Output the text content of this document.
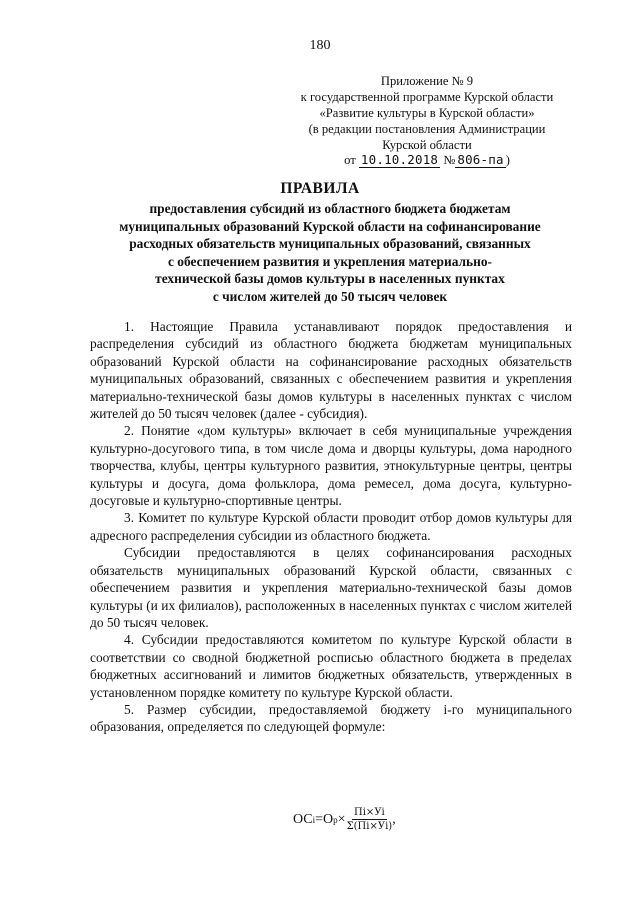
180
Приложение № 9
к государственной программе Курской области
«Развитие культуры в Курской области»
(в редакции постановления Администрации
Курской области
от 10.10.2018 № 806-па )
ПРАВИЛА
предоставления субсидий из областного бюджета бюджетам
муниципальных образований Курской области на софинансирование
расходных обязательств муниципальных образований, связанных
с обеспечением развития и укрепления материально-
технической базы домов культуры в населенных пунктах
с числом жителей до 50 тысяч человек

1. Настоящие Правила устанавливают порядок предоставления и распределения субсидий из областного бюджета бюджетам муниципальных образований Курской области на софинансирование расходных обязательств муниципальных образований, связанных с обеспечением развития и укрепления материально-технической базы домов культуры в населенных пунктах с числом жителей до 50 тысяч человек (далее - субсидия).

2. Понятие «дом культуры» включает в себя муниципальные учреждения культурно-досугового типа, в том числе дома и дворцы культуры, дома народного творчества, клубы, центры культурного развития, этнокультурные центры, центры культуры и досуга, дома фольклора, дома ремесел, дома досуга, культурно-досуговые и культурно-спортивные центры.

3. Комитет по культуре Курской области проводит отбор домов культуры для адресного распределения субсидии из областного бюджета.

Субсидии предоставляются в целях софинансирования расходных обязательств муниципальных образований Курской области, связанных с обеспечением развития и укрепления материально-технической базы домов культуры (и их филиалов), расположенных в населенных пунктах с числом жителей до 50 тысяч человек.

4. Субсидии предоставляются комитетом по культуре Курской области в соответствии со сводной бюджетной росписью областного бюджета в пределах бюджетных ассигнований и лимитов бюджетных обязательств, утвержденных в установленном порядке комитету по культуре Курской области.

5. Размер субсидии, предоставляемой бюджету i-го муниципального образования, определяется по следующей формуле:

ОС i = О $р \times \frac{Пi\times Уi}{\Sigma(Пi\times Уi)}$ ,
